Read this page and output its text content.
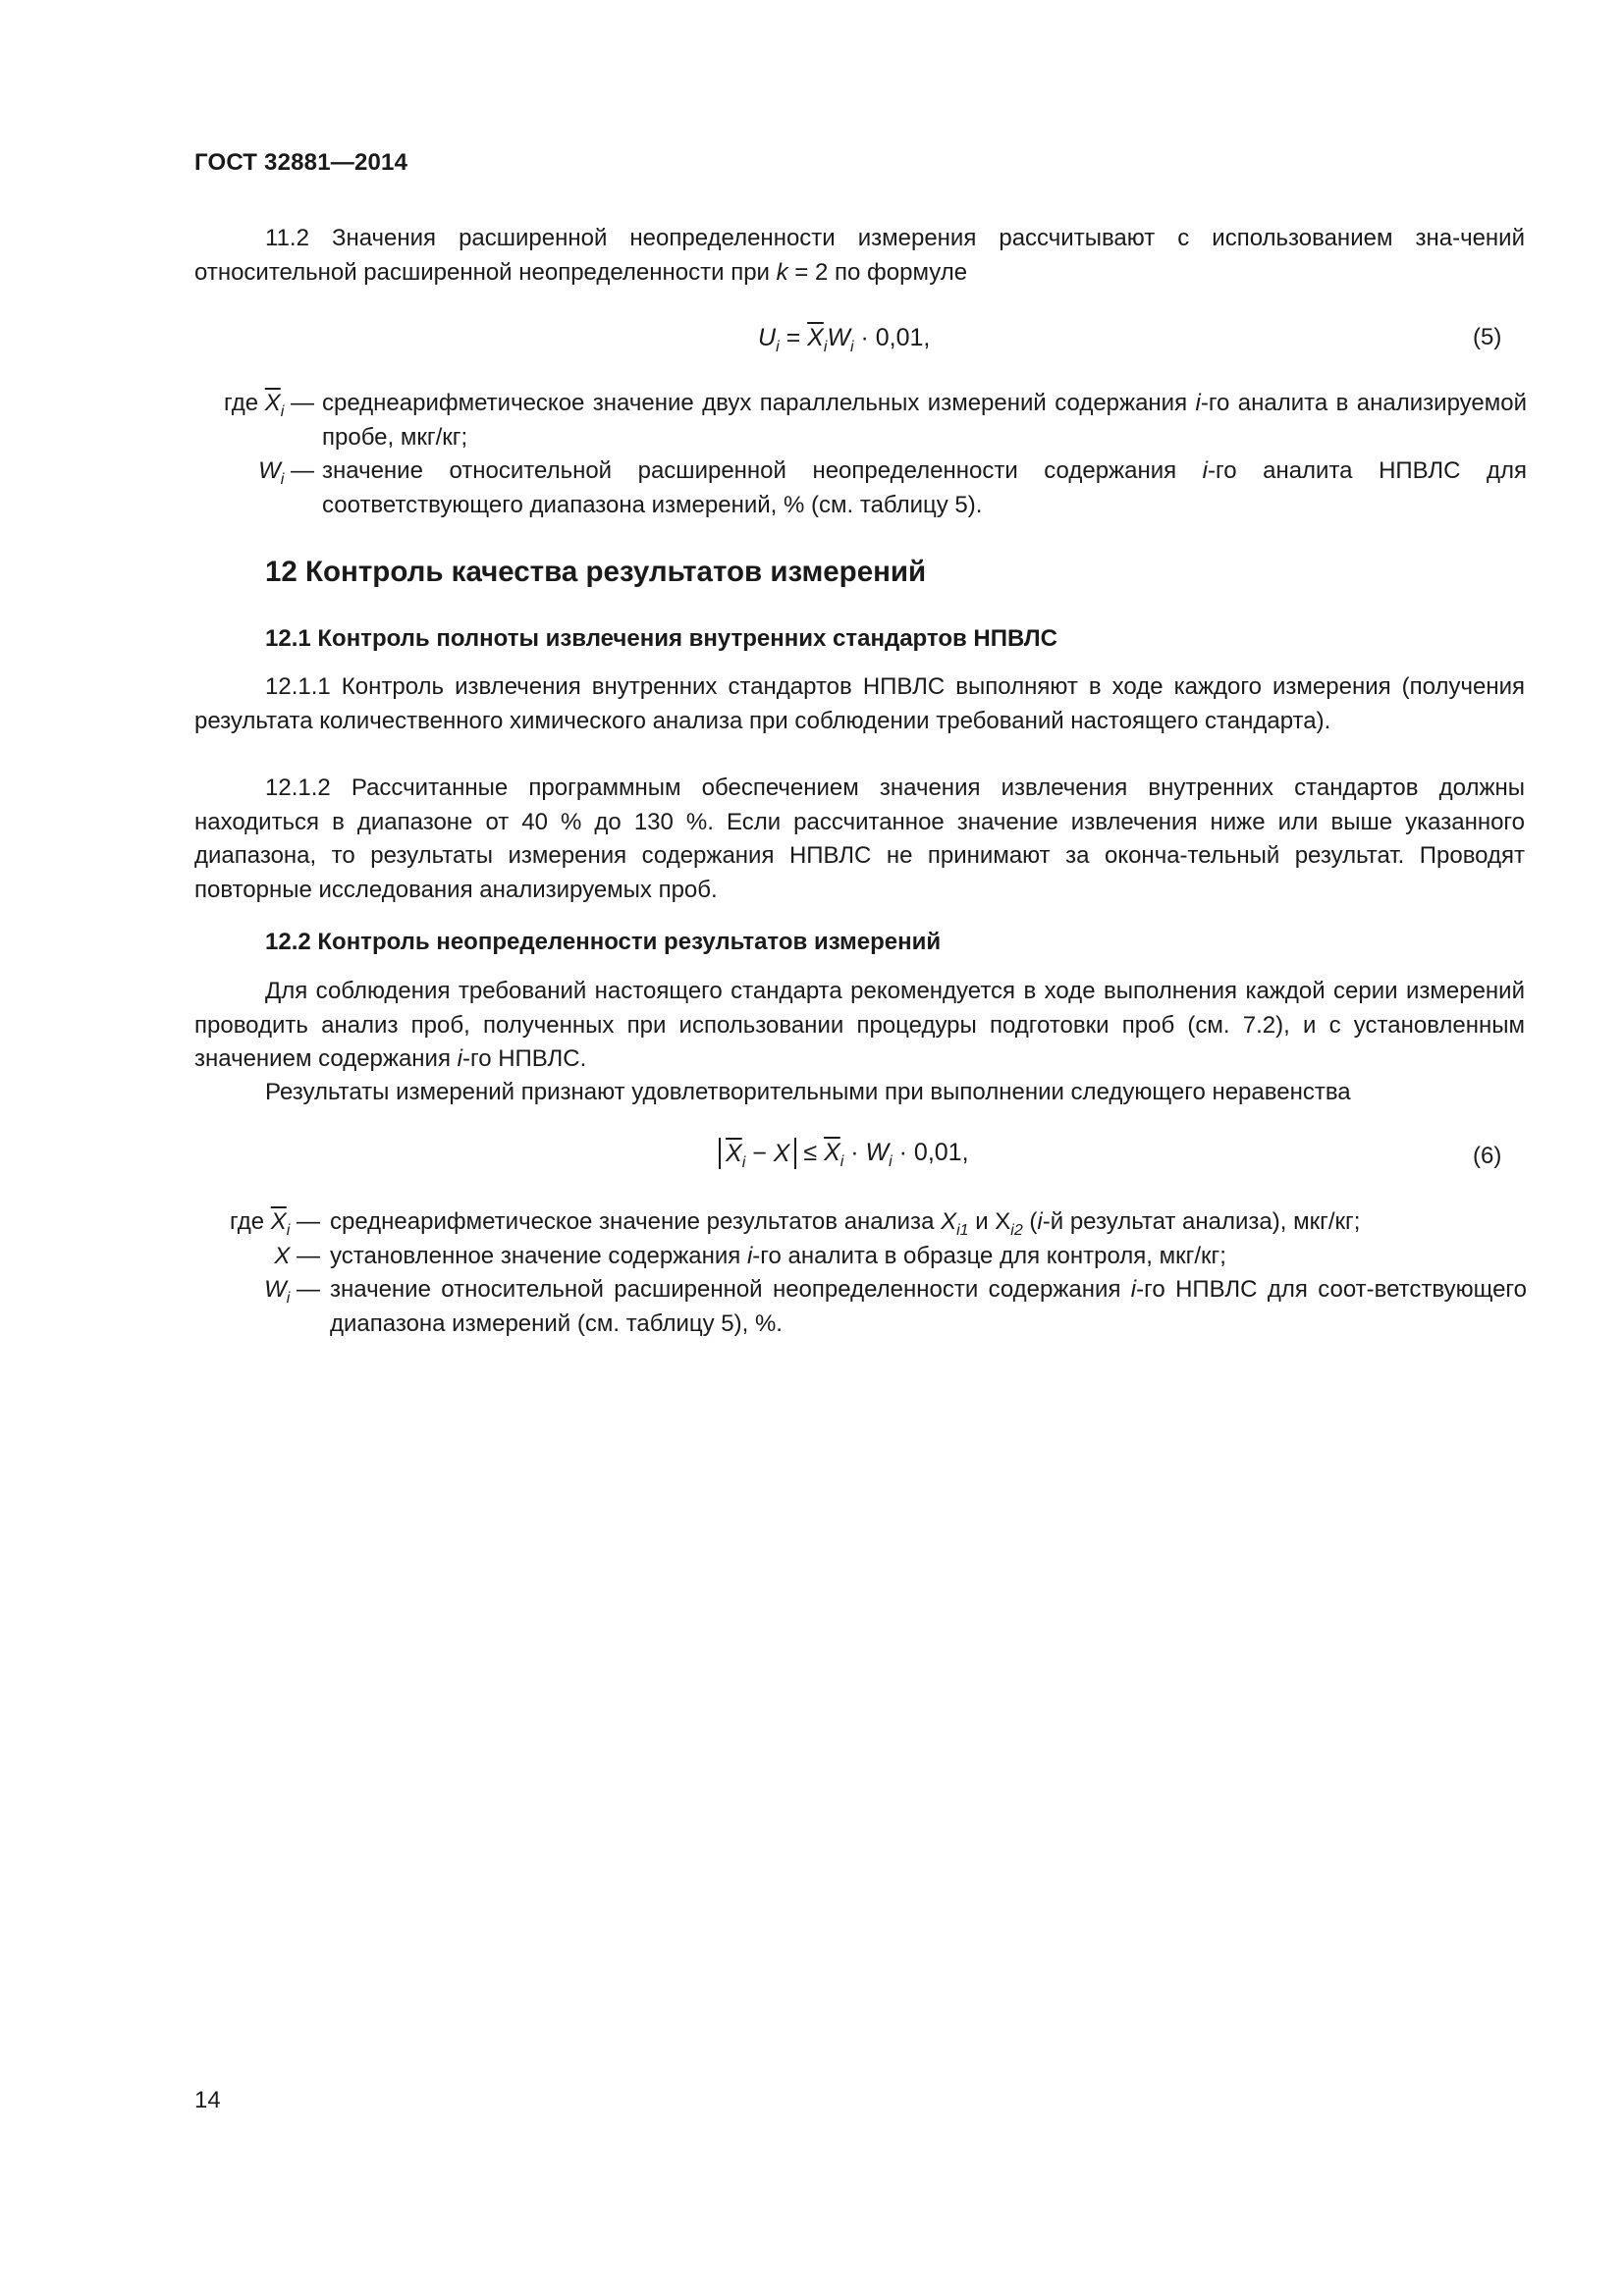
ГОСТ 32881—2014

11.2 Значения расширенной неопределенности измерения рассчитывают с использованием зна-чений относительной расширенной неопределенности при k = 2 по формуле

$U_i = \overline{X}_iW_i \cdot 0,01$,	(5)
где $\overline{X}_i$ — среднеарифметическое значение двух параллельных измерений содержания i-го аналита в анализируемой пробе, мкг/кг;
$W_i$ — значение относительной расширенной неопределенности содержания i-го аналита НПВЛС для соответствующего диапазона измерений, % (см. таблицу 5).
12 Контроль качества результатов измерений
12.1 Контроль полноты извлечения внутренних стандартов НПВЛС

12.1.1 Контроль извлечения внутренних стандартов НПВЛС выполняют в ходе каждого измерения (получения результата количественного химического анализа при соблюдении требований настоящего стандарта).

12.1.2 Рассчитанные программным обеспечением значения извлечения внутренних стандартов должны находиться в диапазоне от 40 % до 130 %. Если рассчитанное значение извлечения ниже или выше указанного диапазона, то результаты измерения содержания НПВЛС не принимают за оконча-тельный результат. Проводят повторные исследования анализируемых проб.

12.2 Контроль неопределенности результатов измерений

Для соблюдения требований настоящего стандарта рекомендуется в ходе выполнения каждой серии измерений проводить анализ проб, полученных при использовании процедуры подготовки проб (см. 7.2), и с установленным значением содержания i-го НПВЛС.

Результаты измерений признают удовлетворительными при выполнении следующего неравенства

$\overline{X}_i - X \le \overline{X}_i \cdot W_i \cdot 0,01$,	(6)
где $\overline{X}_i$ — среднеарифметическое значение результатов анализа $X_{i1}$ и $X_{i2}$ (i-й результат анализа), мкг/кг;
X — установленное значение содержания i-го аналита в образце для контроля, мкг/кг;
$W_i$ — значение относительной расширенной неопределенности содержания i-го НПВЛС для соот-ветствующего диапазона измерений (см. таблицу 5), %.
14
